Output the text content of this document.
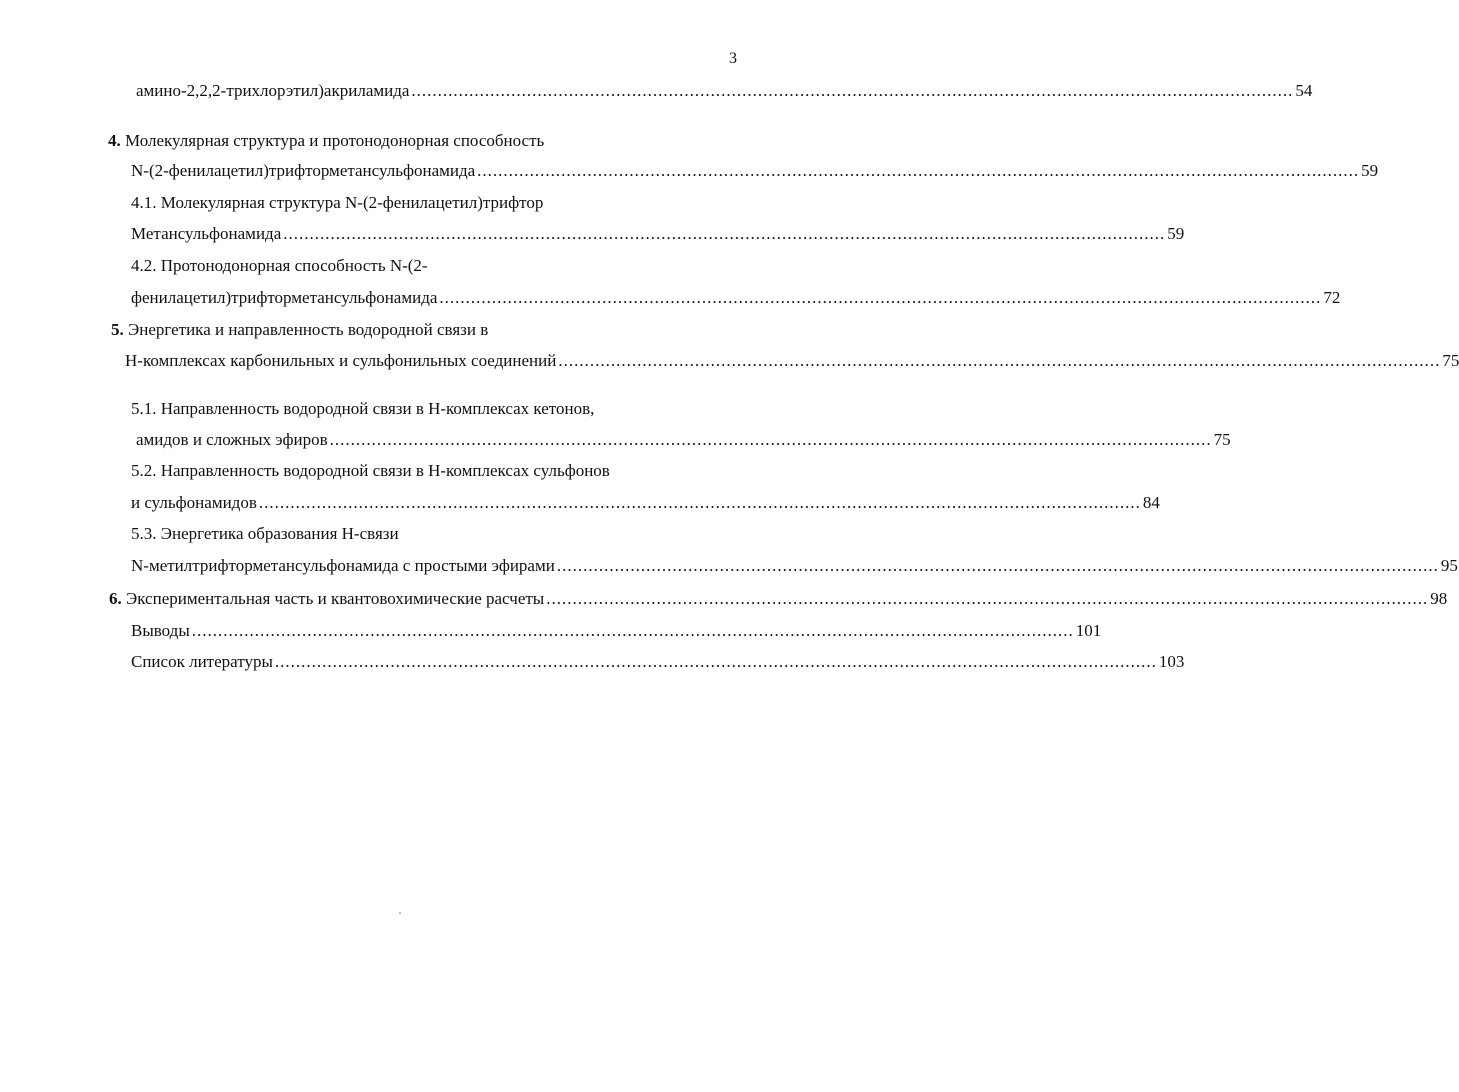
3
амино-2,2,2-трихлорэтил)акриламида ........................................................................................................................................................................ 54
4. Молекулярная структура и протонодонорная способность
N-(2-фенилацетил)трифторметансульфонамида ........................................................................................................................................................................ 59
4.1. Молекулярная структура N-(2-фенилацетил)трифтор
Метансульфонамида ........................................................................................................................................................................ 59
4.2. Протонодонорная способность N-(2-
фенилацетил)трифторметансульфонамида ........................................................................................................................................................................ 72
5. Энергетика и направленность водородной связи в
Н-комплексах карбонильных и сульфонильных соединений ........................................................................................................................................................................ 75
5.1. Направленность водородной связи в Н-комплексах кетонов,
амидов и сложных эфиров ........................................................................................................................................................................ 75
5.2. Направленность водородной связи в Н-комплексах сульфонов
и сульфонамидов ........................................................................................................................................................................ 84
5.3. Энергетика образования Н-связи
N-метилтрифторметансульфонамида с простыми эфирами ........................................................................................................................................................................ 95
6. Экспериментальная часть и квантовохимические расчеты ........................................................................................................................................................................ 98
Выводы ........................................................................................................................................................................ 101
Список литературы ........................................................................................................................................................................ 103
